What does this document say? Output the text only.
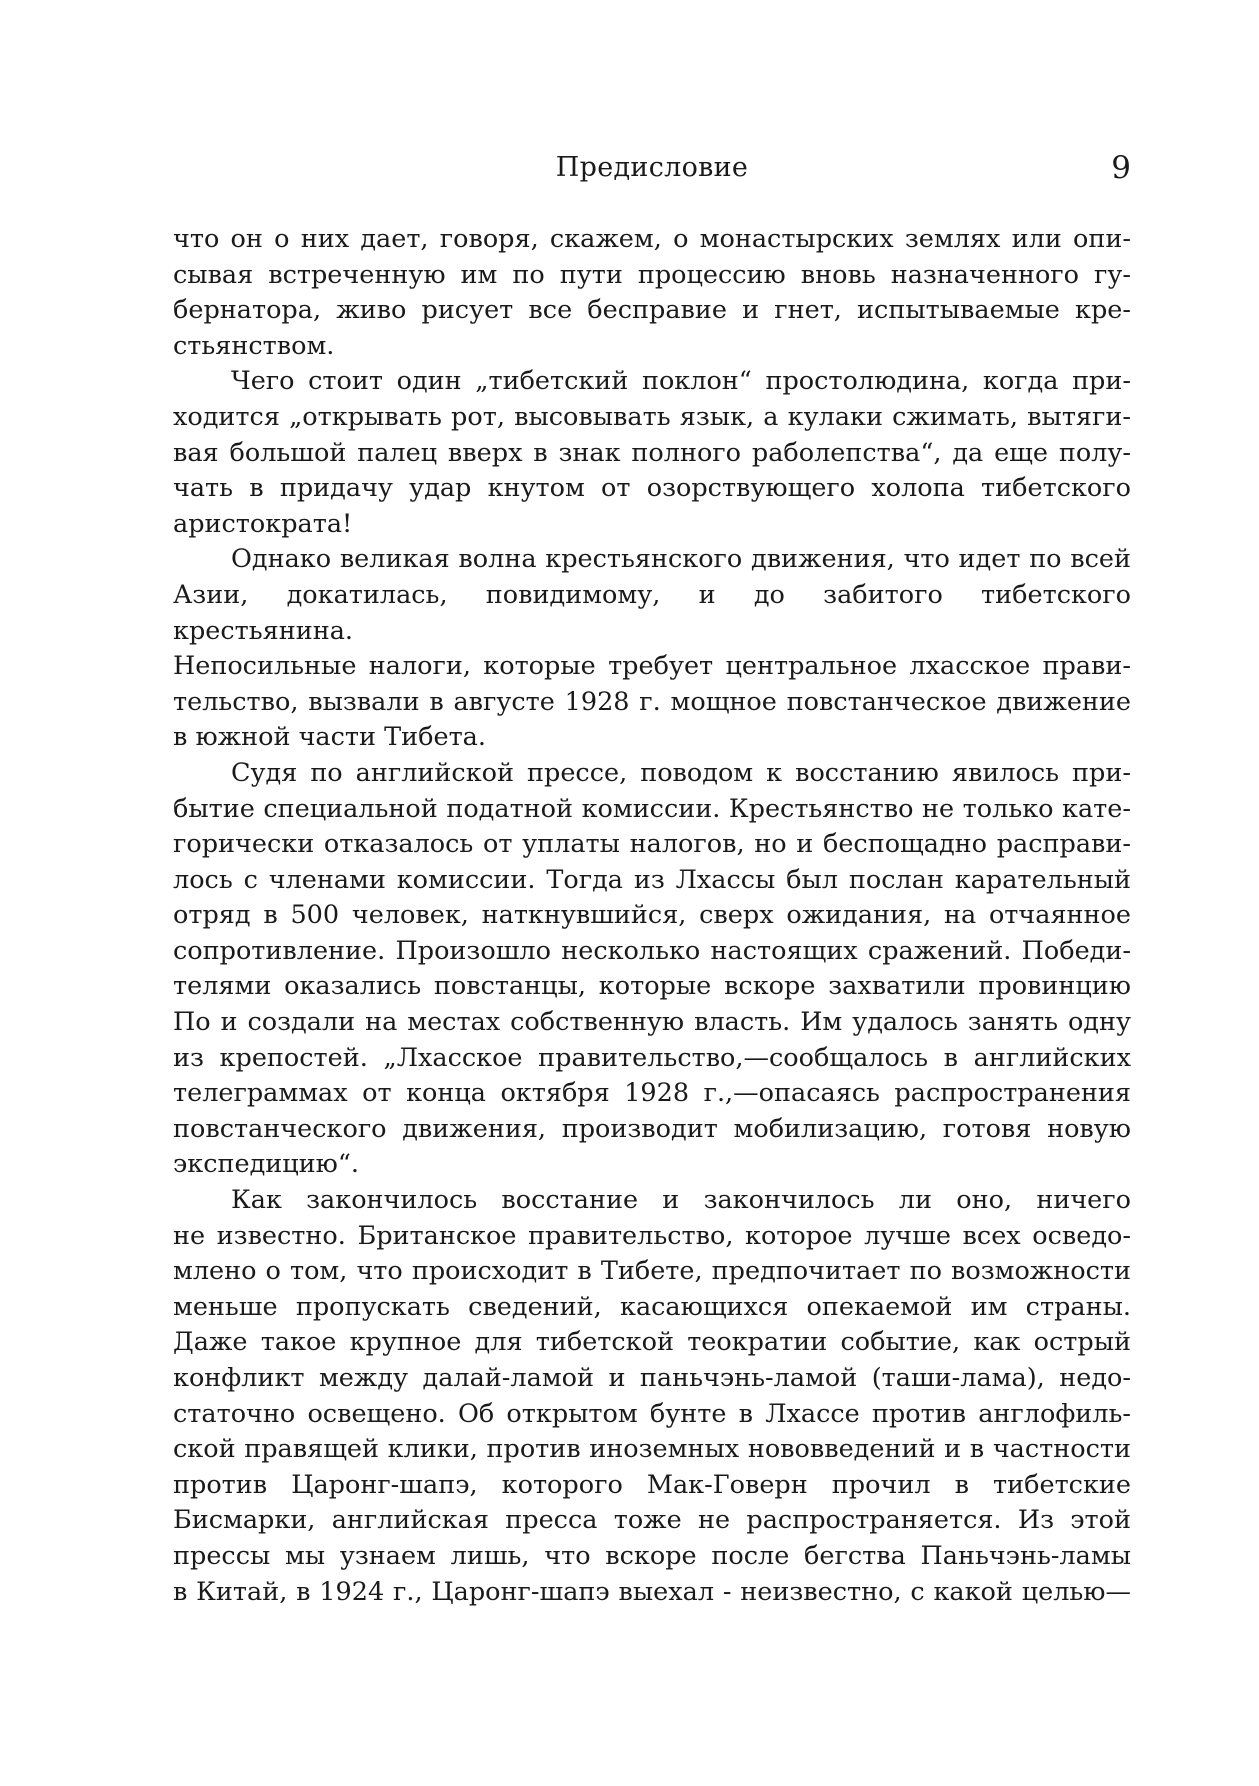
Предисловие	9

что он о них дает, говоря, скажем, о монастырских землях или опи-
сывая встреченную им по пути процессию вновь назначенного гу-
бернатора, живо рисует все бесправие и гнет, испытываемые кре-
стьянством.

Чего стоит один „тибетский поклон“ простолюдина, когда при-
ходится „открывать рот, высовывать язык, а кулаки сжимать, вытяги-
вая большой палец вверх в знак полного раболепства“, да еще полу-
чать в придачу удар кнутом от озорствующего холопа тибетского
аристократа!

Однако великая волна крестьянского движения, что идет по всей
Азии, докатилась, повидимому, и до забитого тибетского крестьянина.
Непосильные налоги, которые требует центральное лхасское прави-
тельство, вызвали в августе 1928 г. мощное повстанческое движение
в южной части Тибета.

Судя по английской прессе, поводом к восстанию явилось при-
бытие специальной податной комиссии. Крестьянство не только кате-
горически отказалось от уплаты налогов, но и беспощадно расправи-
лось с членами комиссии. Тогда из Лхассы был послан карательный
отряд в 500 человек, наткнувшийся, сверх ожидания, на отчаянное
сопротивление. Произошло несколько настоящих сражений. Победи-
телями оказались повстанцы, которые вскоре захватили провинцию
По и создали на местах собственную власть. Им удалось занять одну
из крепостей. „Лхасское правительство,—сообщалось в английских
телеграммах от конца октября 1928 г.,—опасаясь распространения
повстанческого движения, производит мобилизацию, готовя новую
экспедицию“.

Как закончилось восстание и закончилось ли оно, ничего
не известно. Британское правительство, которое лучше всех осведо-
млено о том, что происходит в Тибете, предпочитает по возможности
меньше пропускать сведений, касающихся опекаемой им страны.
Даже такое крупное для тибетской теократии событие, как острый
конфликт между далай-ламой и паньчэнь-ламой (таши-лама), недо-
статочно освещено. Об открытом бунте в Лхассе против англофиль-
ской правящей клики, против иноземных нововведений и в частности
против Царонг-шапэ, которого Мак-Говерн прочил в тибетские
Бисмарки, английская пресса тоже не распространяется. Из этой
прессы мы узнаем лишь, что вскоре после бегства Паньчэнь-ламы
в Китай, в 1924 г., Царонг-шапэ выехал - неизвестно, с какой целью—
